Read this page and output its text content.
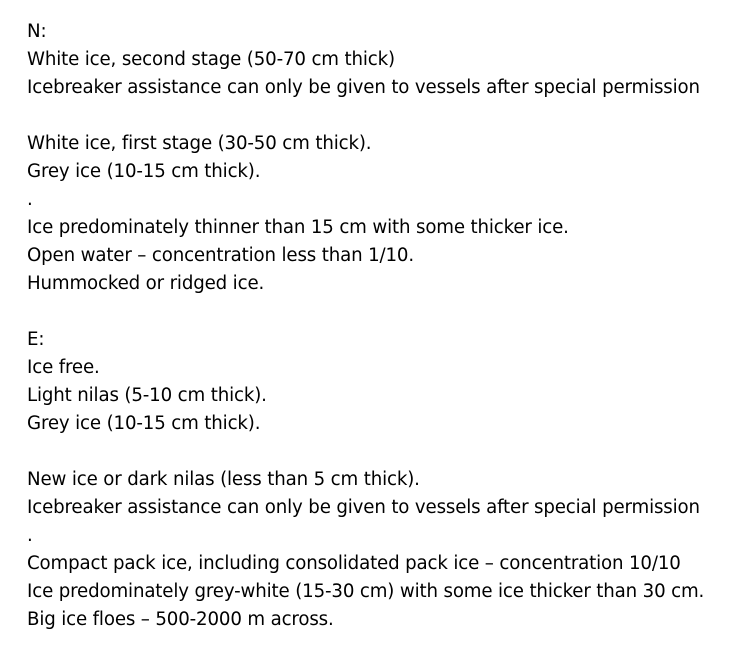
N:
White ice, second stage (50-70 cm thick)
Icebreaker assistance can only be given to vessels after special permission
White ice, first stage (30-50 cm thick).
Grey ice (10-15 cm thick).
.
Ice predominately thinner than 15 cm with some thicker ice.
Open water – concentration less than 1/10.
Hummocked or ridged ice.
E:
Ice free.
Light nilas (5-10 cm thick).
Grey ice (10-15 cm thick).
New ice or dark nilas (less than 5 cm thick).
Icebreaker assistance can only be given to vessels after special permission
.
Compact pack ice, including consolidated pack ice – concentration 10/10
Ice predominately grey-white (15-30 cm) with some ice thicker than 30 cm.
Big ice floes – 500-2000 m across.
